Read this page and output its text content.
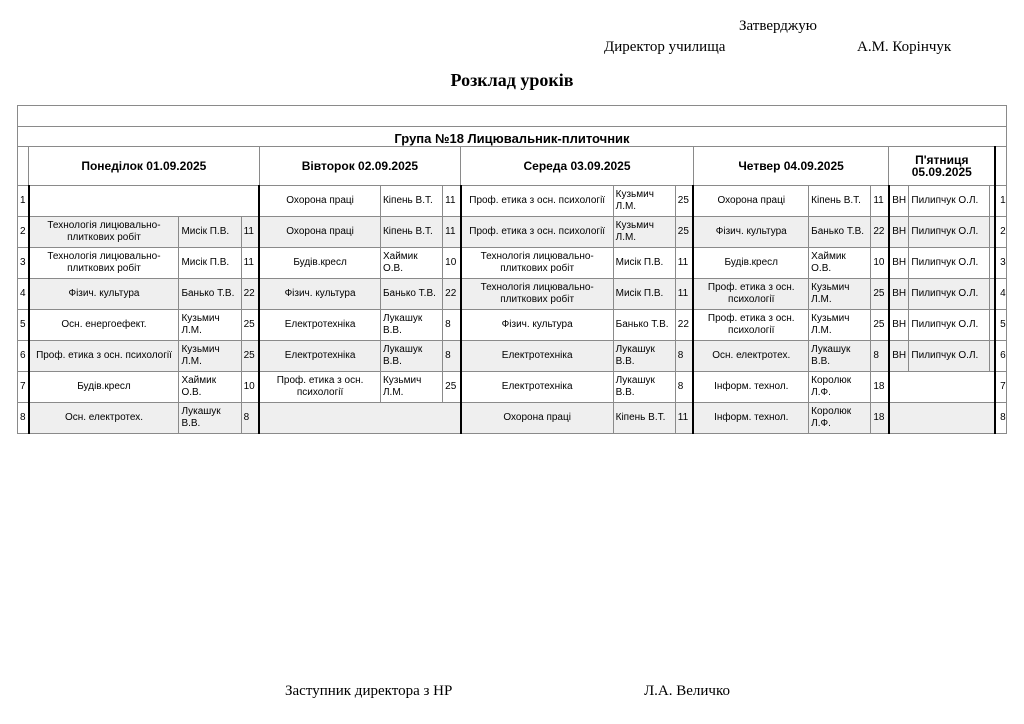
Затверджую
Директор училища	А.М. Корінчук
Розклад уроків

Група №18 Лицювальник-плиточник																
	Понеділок 01.09.2025			Вівторок 02.09.2025			Середа 03.09.2025			Четвер 04.09.2025			П'ятниця 05.09.2025			
1				Охорона праці	Кіпень В.Т.	11	Проф. етика з осн. психології	Кузьмич Л.М.	25	Охорона праці	Кіпень В.Т.	11	ВН	Пилипчук О.Л.		1
2	Технологія лицювально-плиткових робіт	Мисік П.В.	11	Охорона праці	Кіпень В.Т.	11	Проф. етика з осн. психології	Кузьмич Л.М.	25	Фізич. культура	Банько Т.В.	22	ВН	Пилипчук О.Л.		2
3	Технологія лицювально-плиткових робіт	Мисік П.В.	11	Будів.кресл	Хаймик О.В.	10	Технологія лицювально-плиткових робіт	Мисік П.В.	11	Будів.кресл	Хаймик О.В.	10	ВН	Пилипчук О.Л.		3
4	Фізич. культура	Банько Т.В.	22	Фізич. культура	Банько Т.В.	22	Технологія лицювально-плиткових робіт	Мисік П.В.	11	Проф. етика з осн. психології	Кузьмич Л.М.	25	ВН	Пилипчук О.Л.		4
5	Осн. енергоефект.	Кузьмич Л.М.	25	Електротехніка	Лукашук В.В.	8	Фізич. культура	Банько Т.В.	22	Проф. етика з осн. психології	Кузьмич Л.М.	25	ВН	Пилипчук О.Л.		5
6	Проф. етика з осн. психології	Кузьмич Л.М.	25	Електротехніка	Лукашук В.В.	8	Електротехніка	Лукашук В.В.	8	Осн. електротех.	Лукашук В.В.	8	ВН	Пилипчук О.Л.		6
7	Будів.кресл	Хаймик О.В.	10	Проф. етика з осн. психології	Кузьмич Л.М.	25	Електротехніка	Лукашук В.В.	8	Інформ. технол.	Королюк Л.Ф.	18				7
8	Осн. електротех.	Лукашук В.В.	8				Охорона праці	Кіпень В.Т.	11	Інформ. технол.	Королюк Л.Ф.	18				8
Заступник директора з НР	Л.А. Величко
